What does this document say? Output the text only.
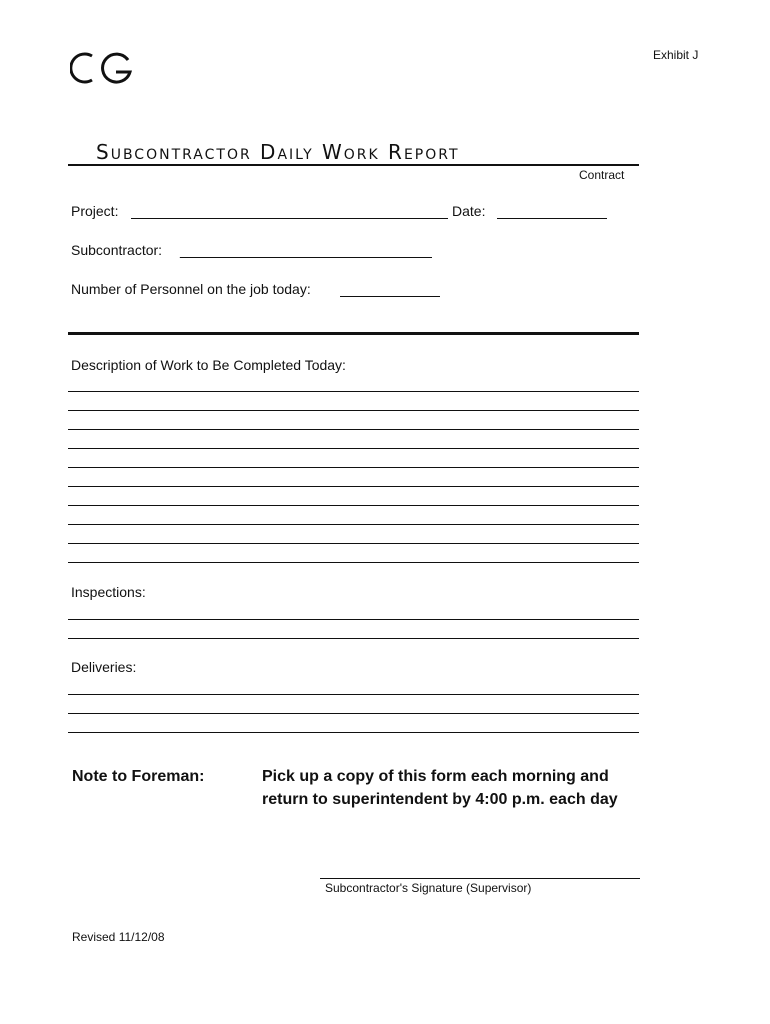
Exhibit J
Subcontractor Daily Work Report
Contract
Project:	Date:
Subcontractor: _
Number of Personnel on the job today:
Description of Work to Be Completed Today:
Inspections:
Deliveries:
Note to Foreman:	Pick up a copy of this form each morning and return to superintendent by 4:00 p.m. each day
Subcontractor's Signature (Supervisor)
Revised 11/12/08
